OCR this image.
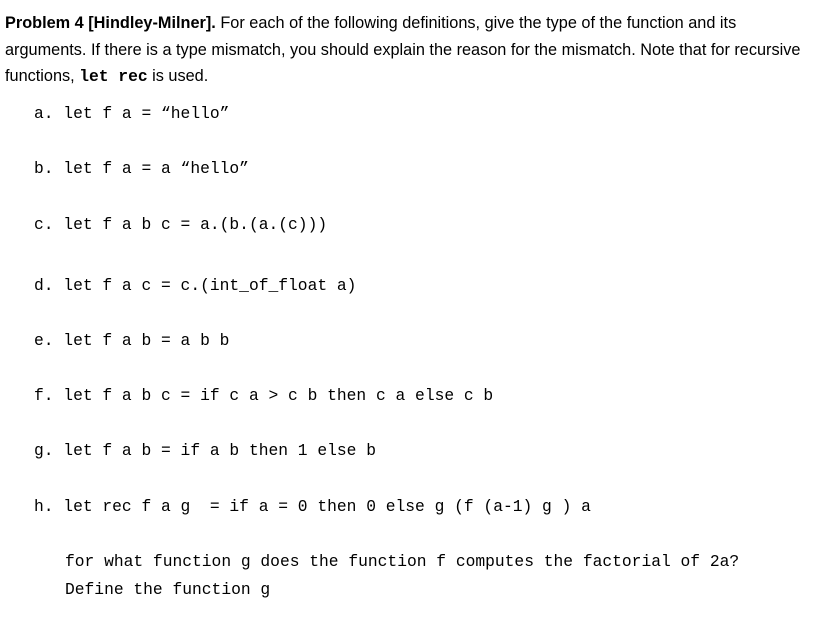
Problem 4 [Hindley-Milner]. For each of the following definitions, give the type of the function and its arguments. If there is a type mismatch, you should explain the reason for the mismatch. Note that for recursive functions, let rec is used.

a. let f a = “hello”
b. let f a = a “hello”
c. let f a b c = a.(b.(a.(c)))
d. let f a c = c.(int_of_float a)
e. let f a b = a b b
f. let f a b c = if c a > c b then c a else c b
g. let f a b = if a b then 1 else b
h. let rec f a g  = if a = 0 then 0 else g (f (a-1) g ) a
for what function g does the function f computes the factorial of 2a?
Define the function g
